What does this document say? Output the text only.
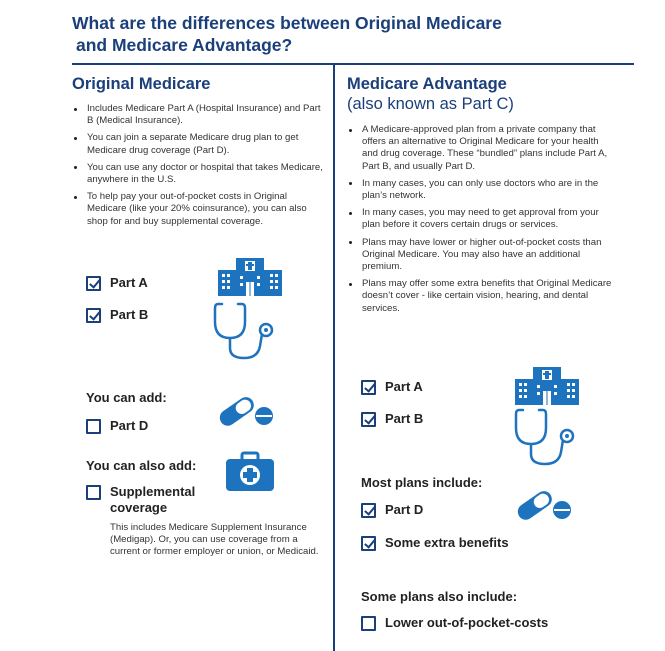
What are the differences between Original Medicare
and Medicare Advantage?
Original Medicare
Includes Medicare Part A (Hospital Insurance) and Part B (Medical Insurance).
You can join a separate Medicare drug plan to get Medicare drug coverage (Part D).
You can use any doctor or hospital that takes Medicare, anywhere in the U.S.
To help pay your out-of-pocket costs in Original Medicare (like your 20% coinsurance), you can also shop for and buy supplemental coverage.
Part A
Part B
You can add:
Part D
You can also add:
Supplemental
coverage
This includes Medicare Supplement Insurance (Medigap). Or, you can use coverage from a current or former employer or union, or Medicaid.
Medicare Advantage
(also known as Part C)
A Medicare-approved plan from a private company that offers an alternative to Original Medicare for your health and drug coverage. These “bundled” plans include Part A, Part B, and usually Part D.
In many cases, you can only use doctors who are in the plan’s network.
In many cases, you may need to get approval from your plan before it covers certain drugs or services.
Plans may have lower or higher out-of-pocket costs than Original Medicare. You may also have an additional premium.
Plans may offer some extra benefits that Original Medicare doesn’t cover - like certain vision, hearing, and dental services.
Part A
Part B
Most plans include:
Part D
Some extra benefits
Some plans also include:
Lower out-of-pocket-costs
